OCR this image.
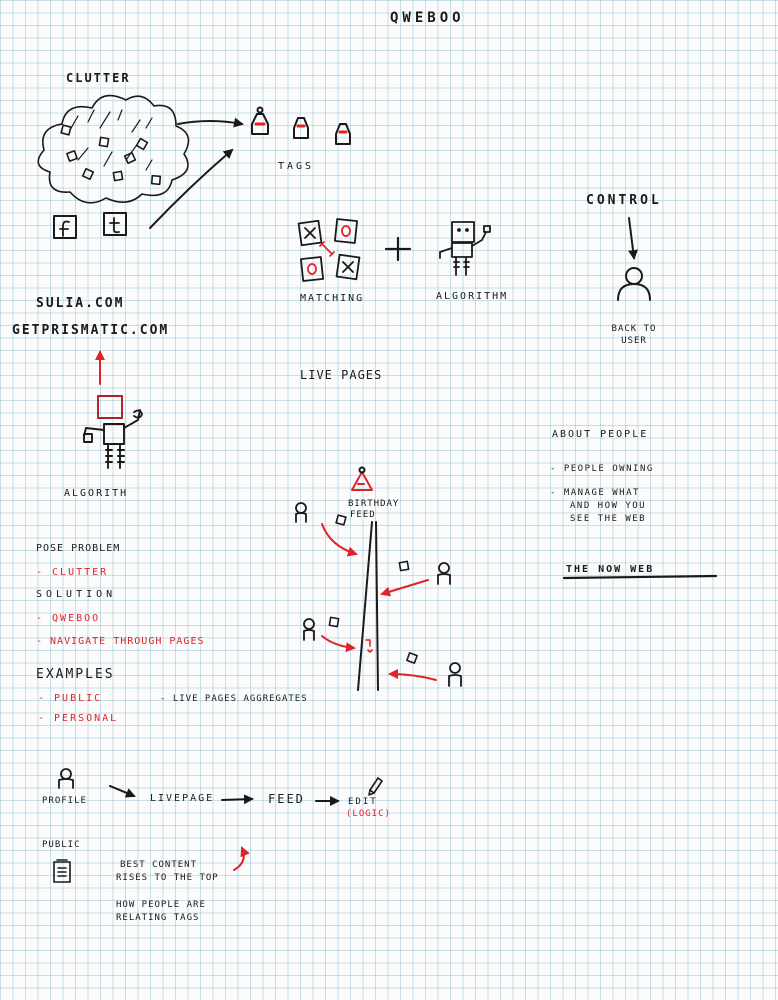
QWEBOO
CLUTTER
TAGS
MATCHING	ALGORITHM
CONTROL
BACK TO
USER
SULIA.COM
GETPRISMATIC.COM
LIVE PAGES
ALGORITH
BIRTHDAY
FEED
ABOUT PEOPLE
- PEOPLE OWNING
- MANAGE WHAT
AND HOW YOU
SEE THE WEB
THE NOW WEB
POSE PROBLEM
- CLUTTER
SOLUTION
- QWEBOO
- NAVIGATE THROUGH PAGES
EXAMPLES
- PUBLIC	- LIVE PAGES AGGREGATES
- PERSONAL
PROFILE	LIVEPAGE	FEED	EDIT
(LOGIC)
PUBLIC
BEST CONTENT
RISES TO THE TOP
HOW PEOPLE ARE
RELATING TAGS
